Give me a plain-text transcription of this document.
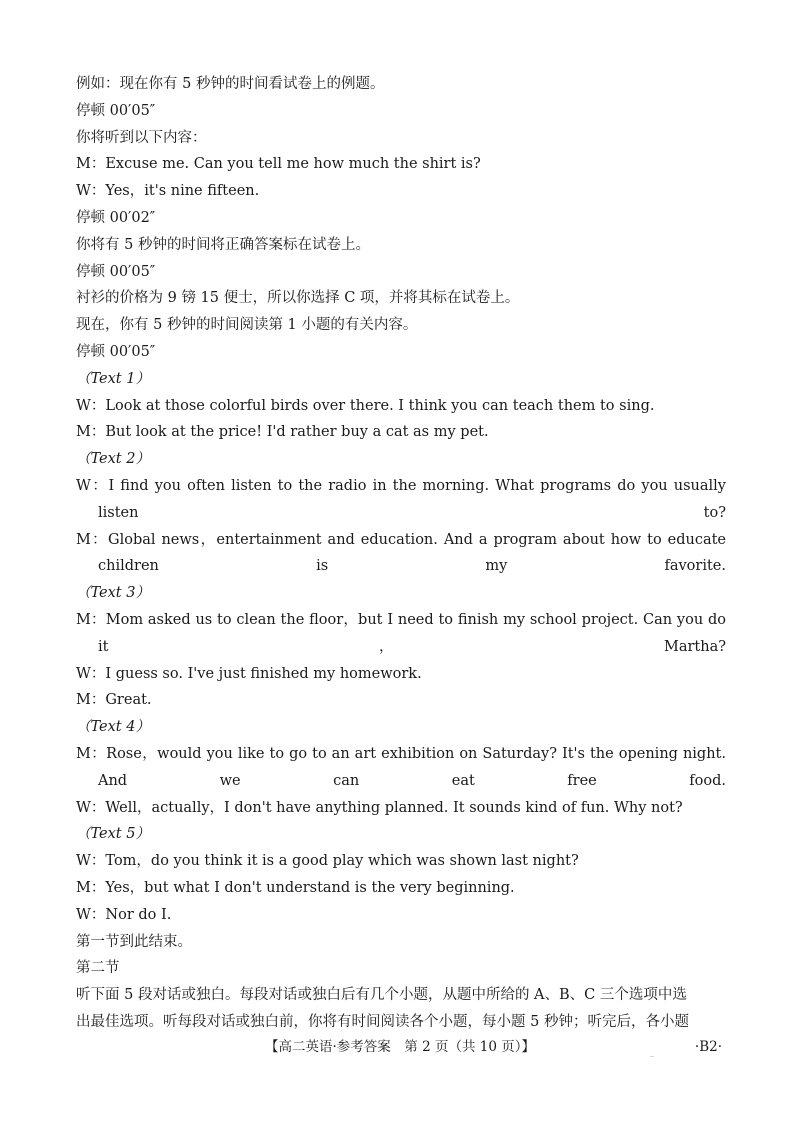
例如：现在你有 5 秒钟的时间看试卷上的例题。
停顿 00′05″
你将听到以下内容：
M：Excuse me. Can you tell me how much the shirt is?
W：Yes，it's nine fifteen.
停顿 00′02″
你将有 5 秒钟的时间将正确答案标在试卷上。
停顿 00′05″
衬衫的价格为 9 镑 15 便士，所以你选择 C 项，并将其标在试卷上。
现在，你有 5 秒钟的时间阅读第 1 小题的有关内容。
停顿 00′05″
（Text 1）
W：Look at those colorful birds over there. I think you can teach them to sing.
M：But look at the price! I'd rather buy a cat as my pet.
（Text 2）
W：I find you often listen to the radio in the morning. What programs do you usually listen to?
M：Global news，entertainment and education. And a program about how to educate children is my favorite.
（Text 3）
M：Mom asked us to clean the floor，but I need to finish my school project. Can you do it，Martha?
W：I guess so. I've just finished my homework.
M：Great.
（Text 4）
M：Rose，would you like to go to an art exhibition on Saturday? It's the opening night. And we can eat free food.
W：Well，actually，I don't have anything planned. It sounds kind of fun. Why not?
（Text 5）
W：Tom，do you think it is a good play which was shown last night?
M：Yes，but what I don't understand is the very beginning.
W：Nor do I.
第一节到此结束。
第二节
听下面 5 段对话或独白。每段对话或独白后有几个小题，从题中所给的 A、B、C 三个选项中选
出最佳选项。听每段对话或独白前，你将有时间阅读各个小题，每小题 5 秒钟；听完后，各小题
【高二英语·参考答案　第 2 页（共 10 页）】	_	·B2·
